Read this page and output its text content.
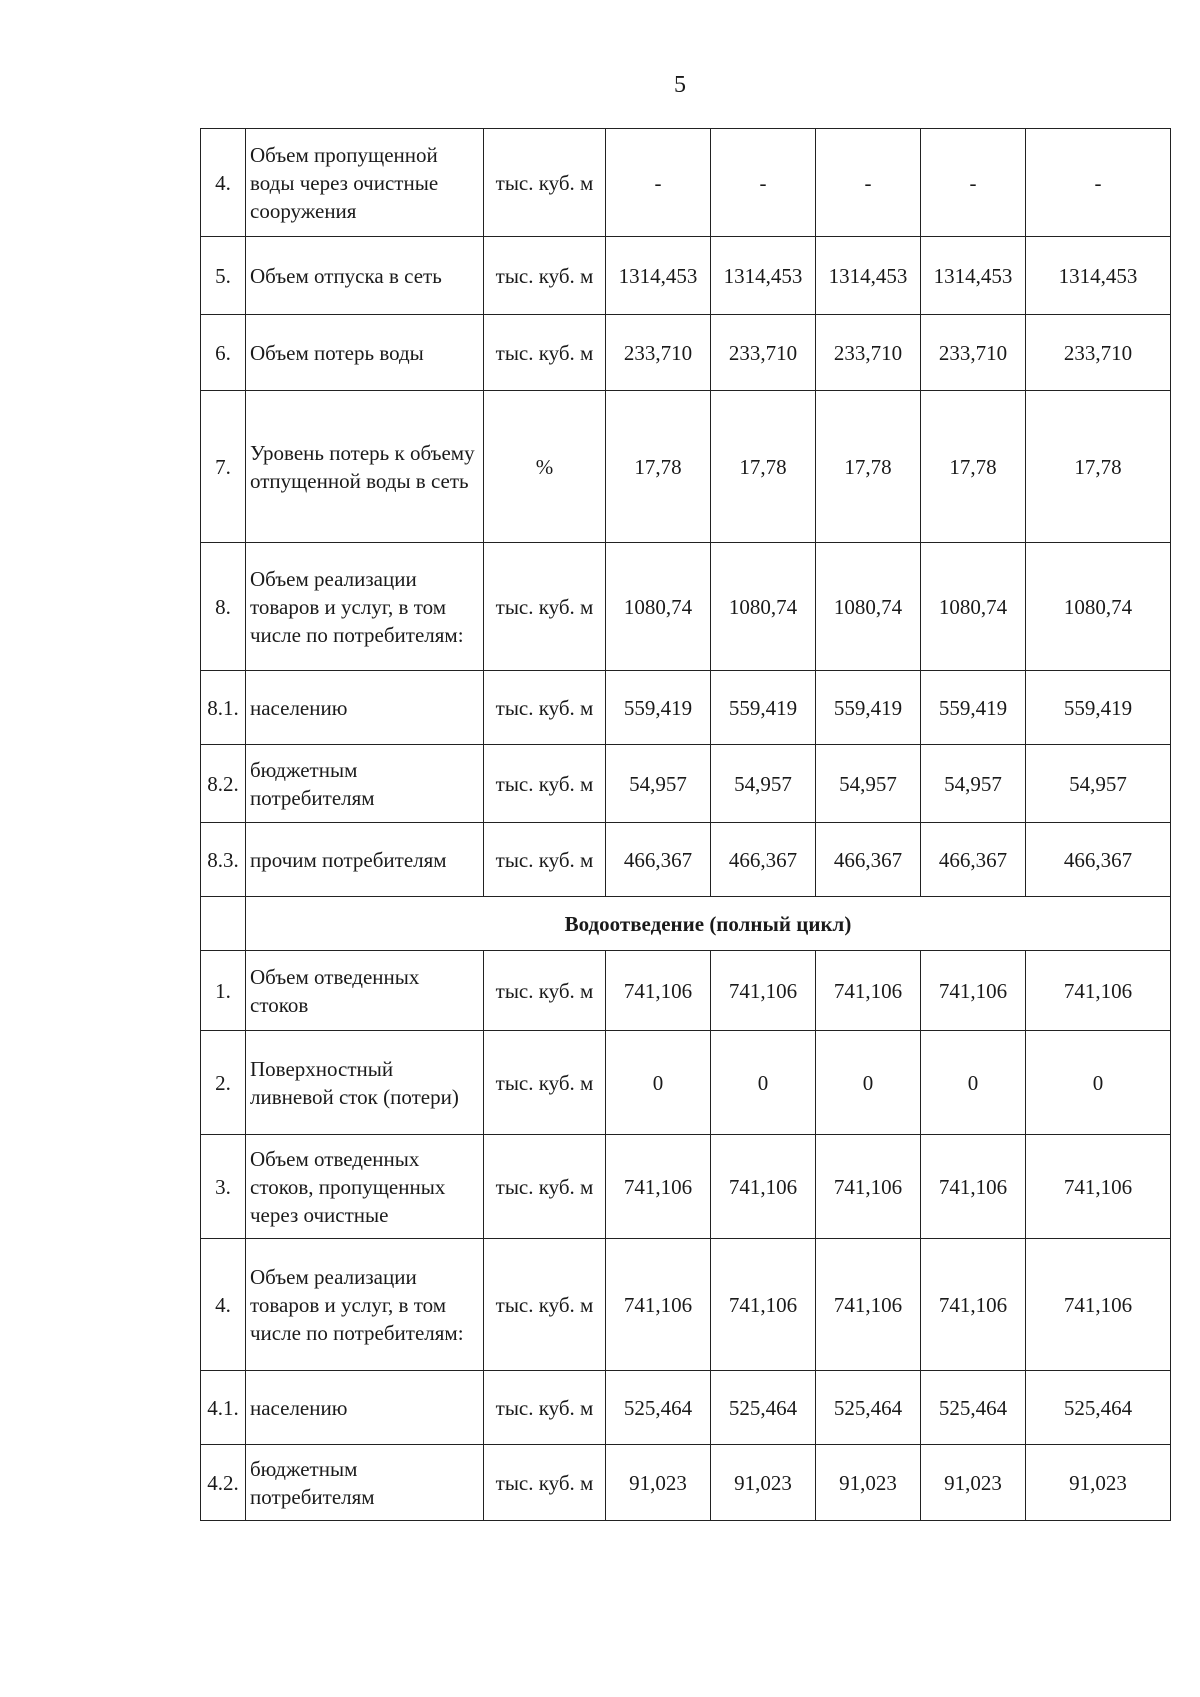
5
4.	Объем пропущенной воды через очистные сооружения	тыс. куб. м	-	-	-	-	-
5.	Объем отпуска в сеть	тыс. куб. м	1314,453	1314,453	1314,453	1314,453	1314,453
6.	Объем потерь воды	тыс. куб. м	233,710	233,710	233,710	233,710	233,710
7.	Уровень потерь к объему отпущенной воды в сеть	%	17,78	17,78	17,78	17,78	17,78
8.	Объем реализации товаров и услуг, в том числе по потребителям:	тыс. куб. м	1080,74	1080,74	1080,74	1080,74	1080,74
8.1.	населению	тыс. куб. м	559,419	559,419	559,419	559,419	559,419
8.2.	бюджетным потребителям	тыс. куб. м	54,957	54,957	54,957	54,957	54,957
8.3.	прочим потребителям	тыс. куб. м	466,367	466,367	466,367	466,367	466,367
	Водоотведение (полный цикл)						
1.	Объем отведенных стоков	тыс. куб. м	741,106	741,106	741,106	741,106	741,106
2.	Поверхностный ливневой сток (потери)	тыс. куб. м	0	0	0	0	0
3.	Объем отведенных стоков, пропущенных через очистные	тыс. куб. м	741,106	741,106	741,106	741,106	741,106
4.	Объем реализации товаров и услуг, в том числе по потребителям:	тыс. куб. м	741,106	741,106	741,106	741,106	741,106
4.1.	населению	тыс. куб. м	525,464	525,464	525,464	525,464	525,464
4.2.	бюджетным потребителям	тыс. куб. м	91,023	91,023	91,023	91,023	91,023
